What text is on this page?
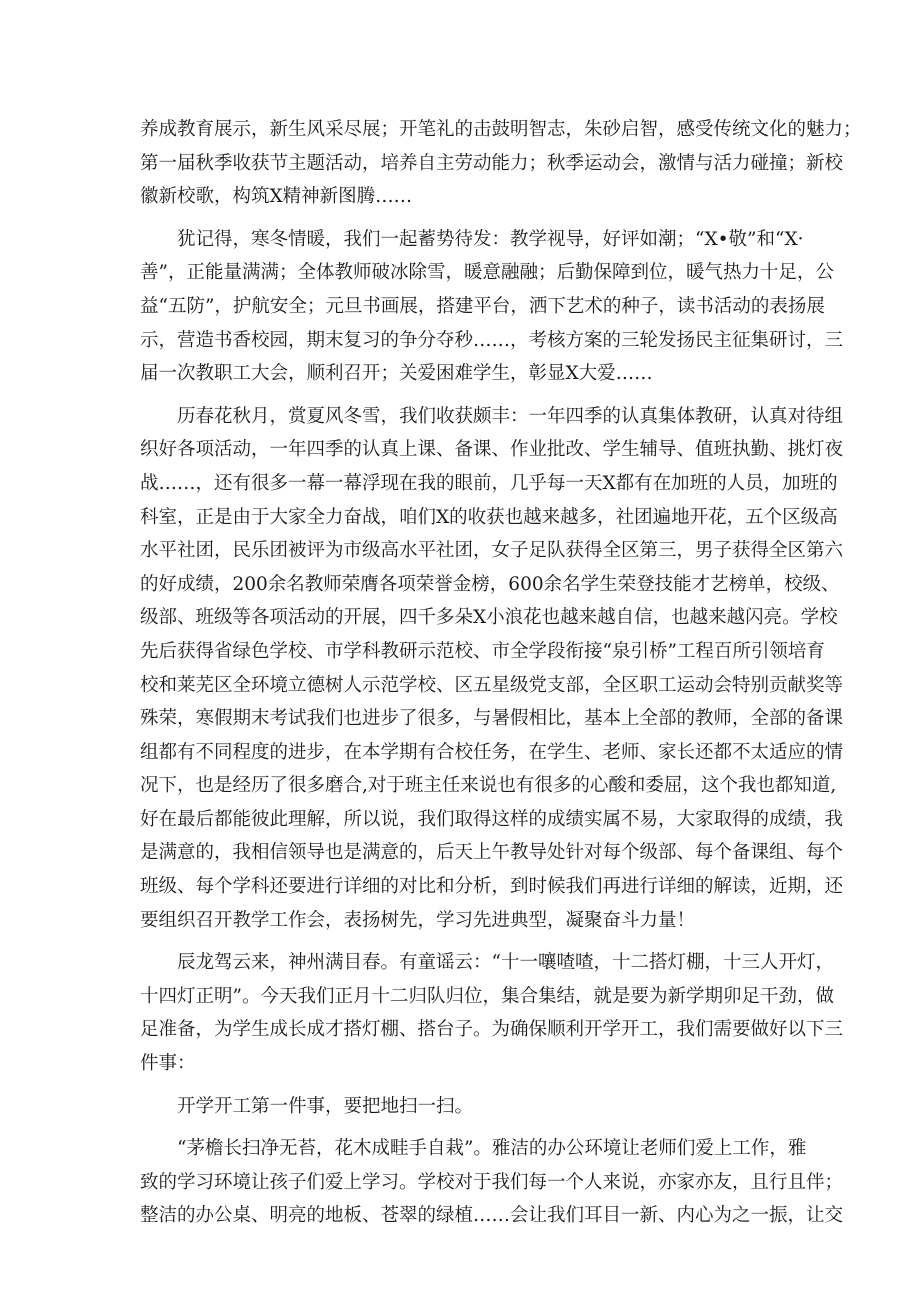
养成教育展示，新生风采尽展；开笔礼的击鼓明智志，朱砂启智，感受传统文化的魅力；
第一届秋季收获节主题活动，培养自主劳动能力；秋季运动会，激情与活力碰撞；新校
徽新校歌，构筑X精神新图腾……
　　犹记得，寒冬情暖，我们一起蓄势待发：教学视导，好评如潮；“X•敬”和“X·
善”，正能量满满；全体教师破冰除雪，暖意融融；后勤保障到位，暖气热力十足，公
益“五防”，护航安全；元旦书画展，搭建平台，洒下艺术的种子，读书活动的表扬展
示，营造书香校园，期末复习的争分夺秒……，考核方案的三轮发扬民主征集研讨，三
届一次教职工大会，顺利召开；关爱困难学生，彰显X大爱……
　　历春花秋月，赏夏风冬雪，我们收获颇丰：一年四季的认真集体教研，认真对待组
织好各项活动，一年四季的认真上课、备课、作业批改、学生辅导、值班执勤、挑灯夜
战……，还有很多一幕一幕浮现在我的眼前，几乎每一天X都有在加班的人员，加班的
科室，正是由于大家全力奋战，咱们X的收获也越来越多，社团遍地开花，五个区级高
水平社团，民乐团被评为市级高水平社团，女子足队获得全区第三，男子获得全区第六
的好成绩，200余名教师荣膺各项荣誉金榜，600余名学生荣登技能才艺榜单，校级、
级部、班级等各项活动的开展，四千多朵X小浪花也越来越自信，也越来越闪亮。学校
先后获得省绿色学校、市学科教研示范校、市全学段衔接“泉引桥”工程百所引领培育
校和莱芜区全环境立德树人示范学校、区五星级党支部，全区职工运动会特别贡献奖等
殊荣，寒假期末考试我们也进步了很多，与暑假相比，基本上全部的教师，全部的备课
组都有不同程度的进步，在本学期有合校任务，在学生、老师、家长还都不太适应的情
况下，也是经历了很多磨合,对于班主任来说也有很多的心酸和委屈，这个我也都知道,
好在最后都能彼此理解，所以说，我们取得这样的成绩实属不易，大家取得的成绩，我
是满意的，我相信领导也是满意的，后天上午教导处针对每个级部、每个备课组、每个
班级、每个学科还要进行详细的对比和分析，到时候我们再进行详细的解读，近期，还
要组织召开教学工作会，表扬树先，学习先进典型，凝聚奋斗力量！
　　辰龙驾云来，神州满目春。有童谣云：“十一嚷喳喳，十二搭灯棚，十三人开灯，
十四灯正明”。今天我们正月十二归队归位，集合集结，就是要为新学期卯足干劲，做
足准备，为学生成长成才搭灯棚、搭台子。为确保顺利开学开工，我们需要做好以下三
件事：
　　开学开工第一件事，要把地扫一扫。
　　“茅檐长扫净无苔，花木成畦手自栽”。雅洁的办公环境让老师们爱上工作，雅
致的学习环境让孩子们爱上学习。学校对于我们每一个人来说，亦家亦友，且行且伴；
整洁的办公桌、明亮的地板、苍翠的绿植……会让我们耳目一新、内心为之一振，让交
